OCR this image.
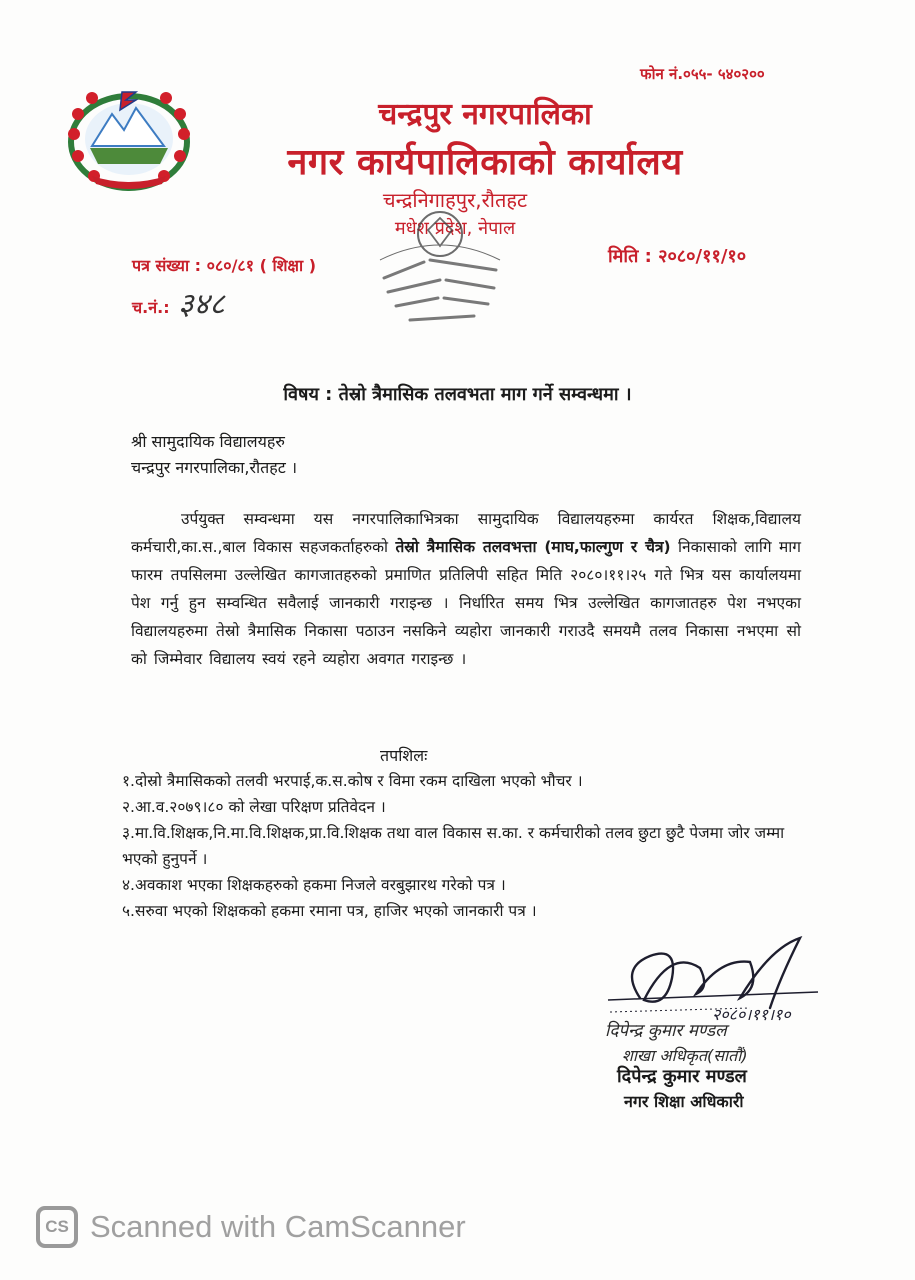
फोन नं.०५५- ५४०२००
चन्द्रपुर नगरपालिका
नगर कार्यपालिकाको कार्यालय
चन्द्रनिगाहपुर,रौतहट
मधेश प्रदेश, नेपाल
पत्र संख्या : ०८०/८१ ( शिक्षा )	मिति : २०८०/११/१०
च.नं.: ३४८
विषय : तेस्रो त्रैमासिक तलवभता माग गर्ने सम्वन्धमा ।
श्री सामुदायिक विद्यालयहरु
चन्द्रपुर नगरपालिका,रौतहट ।
उर्पयुक्त सम्वन्धमा यस नगरपालिकाभित्रका सामुदायिक विद्यालयहरुमा कार्यरत शिक्षक,विद्यालय कर्मचारी,का.स.,बाल विकास सहजकर्ताहरुको तेस्रो त्रैमासिक तलवभत्ता (माघ,फाल्गुण र चैत्र) निकासाको लागि माग फारम तपसिलमा उल्लेखित कागजातहरुको प्रमाणित प्रतिलिपी सहित मिति २०८०।११।२५ गते भित्र यस कार्यालयमा पेश गर्नु हुन सम्वन्धित सवैलाई जानकारी गराइन्छ । निर्धारित समय भित्र उल्लेखित कागजातहरु पेश नभएका विद्यालयहरुमा तेस्रो त्रैमासिक निकासा पठाउन नसकिने व्यहोरा जानकारी गराउदै समयमै तलव निकासा नभएमा सो को जिम्मेवार विद्यालय स्वयं रहने व्यहोरा अवगत गराइन्छ ।
तपशिलः
१.दोस्रो त्रैमासिकको तलवी भरपाई,क.स.कोष र विमा रकम दाखिला भएको भौचर ।
२.आ.व.२०७९।८० को लेखा परिक्षण प्रतिवेदन ।
३.मा.वि.शिक्षक,नि.मा.वि.शिक्षक,प्रा.वि.शिक्षक तथा वाल विकास स.का. र कर्मचारीको तलव छुटा छुटै पेजमा जोर जम्मा भएको हुनुपर्ने ।
४.अवकाश भएका शिक्षकहरुको हकमा निजले वरबुझारथ गरेको पत्र ।
५.सरुवा भएको शिक्षकको हकमा रमाना पत्र, हाजिर भएको जानकारी पत्र ।
२०८०।११।१०
दिपेन्द्र कुमार मण्डल
शाखा अधिकृत(सातौं)
दिपेन्द्र कुमार मण्डल
नगर शिक्षा अधिकारी
CS Scanned with CamScanner
